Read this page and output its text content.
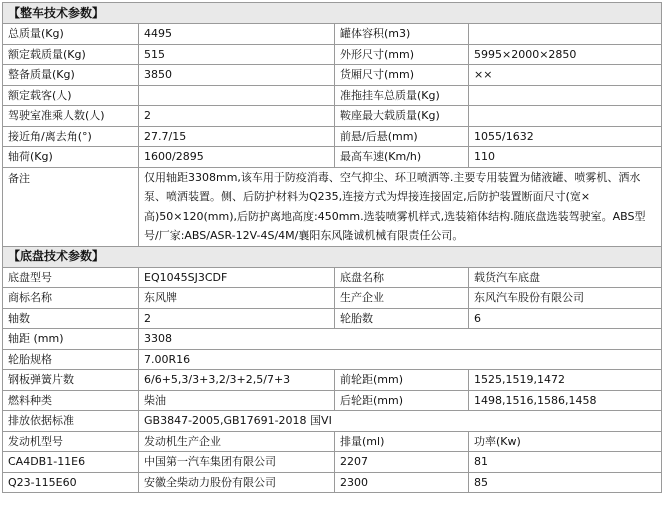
【整车技术参数】			
总质量(Kg)	4495	罐体容积(m3)	
额定载质量(Kg)	515	外形尺寸(mm)	5995×2000×2850
整备质量(Kg)	3850	货厢尺寸(mm)	××
额定载客(人)		准拖挂车总质量(Kg)	
驾驶室准乘人数(人)	2	鞍座最大载质量(Kg)	
接近角/离去角(°)	27.7/15	前悬/后悬(mm)	1055/1632
轴荷(Kg)	1600/2895	最高车速(Km/h)	110
备注	仅用轴距3308mm,该车用于防疫消毒、空气抑尘、环卫喷洒等.主要专用装置为储液罐、喷雾机、洒水泵、喷洒装置。侧、后防护材料为Q235,连接方式为焊接连接固定,后防护装置断面尺寸(宽×高)50×120(mm),后防护离地高度:450mm.选装喷雾机样式,选装箱体结构.随底盘选装驾驶室。ABS型号/厂家:ABS/ASR-12V-4S/4M/襄阳东风隆诚机械有限责任公司。		
【底盘技术参数】			
底盘型号	EQ1045SJ3CDF	底盘名称	载货汽车底盘
商标名称	东风牌	生产企业	东风汽车股份有限公司
轴数	2	轮胎数	6
轴距 (mm)	3308		
轮胎规格	7.00R16		
钢板弹簧片数	6/6+5,3/3+3,2/3+2,5/7+3	前轮距(mm)	1525,1519,1472
燃料种类	柴油	后轮距(mm)	1498,1516,1586,1458
排放依据标准	GB3847-2005,GB17691-2018 国VI		
发动机型号	发动机生产企业	排量(ml)	功率(Kw)
CA4DB1-11E6	中国第一汽车集团有限公司	2207	81
Q23-115E60	安徽全柴动力股份有限公司	2300	85
